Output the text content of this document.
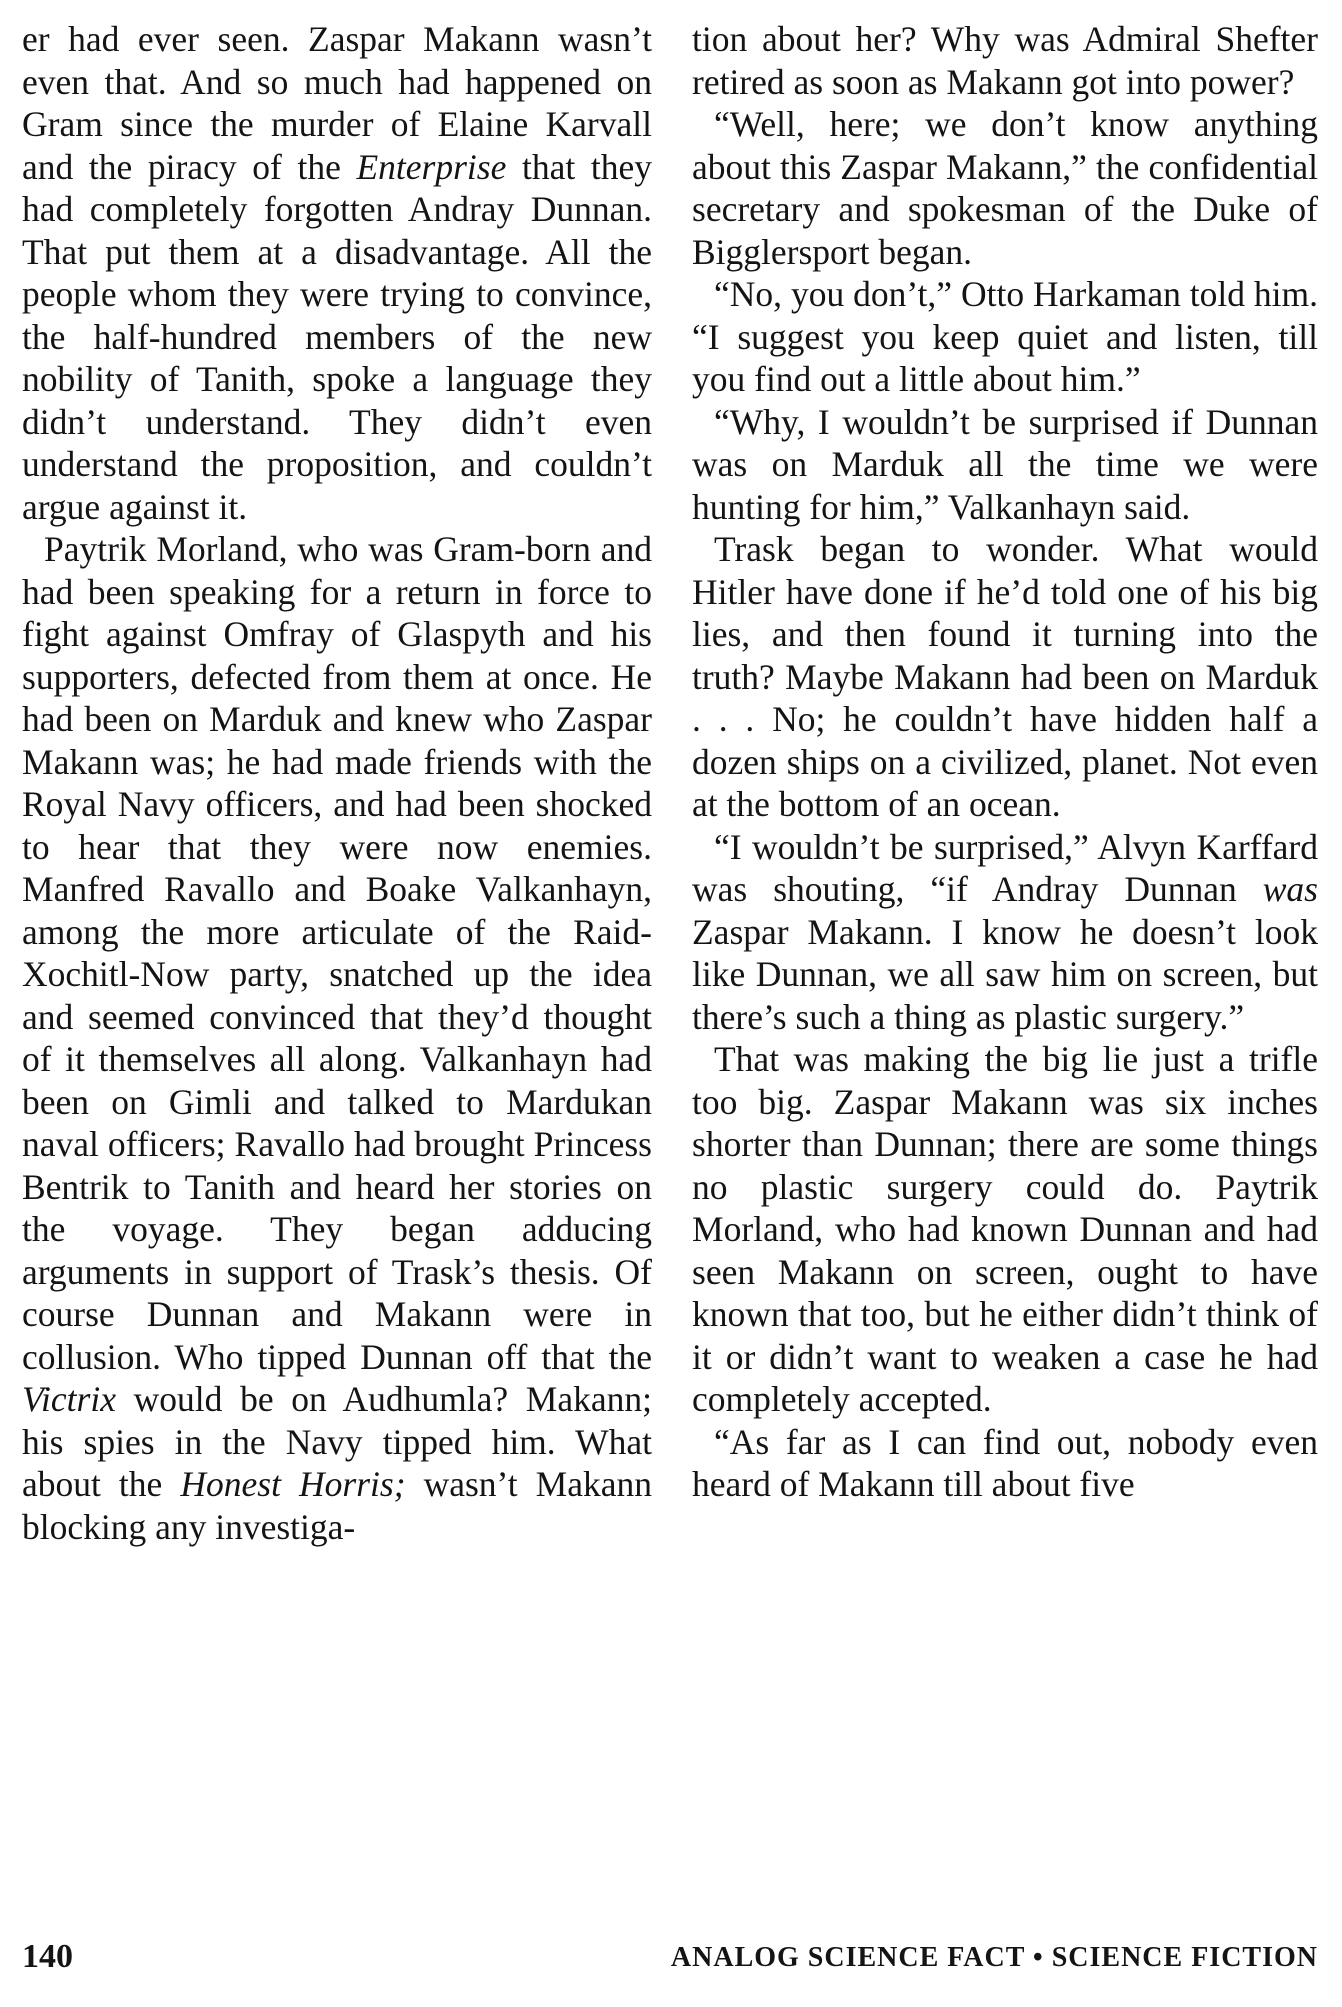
er had ever seen. Zaspar Makann wasn’t even that. And so much had happened on Gram since the murder of Elaine Karvall and the piracy of the Enterprise that they had completely forgotten Andray Dunnan. That put them at a disadvantage. All the people whom they were trying to convince, the half-hundred members of the new nobility of Tanith, spoke a language they didn’t understand. They didn’t even understand the proposition, and couldn’t argue against it.

Paytrik Morland, who was Gram-born and had been speaking for a return in force to fight against Omfray of Glaspyth and his supporters, defected from them at once. He had been on Marduk and knew who Zaspar Makann was; he had made friends with the Royal Navy officers, and had been shocked to hear that they were now enemies. Manfred Ravallo and Boake Valkanhayn, among the more articulate of the Raid-Xochitl-Now party, snatched up the idea and seemed convinced that they’d thought of it themselves all along. Valkanhayn had been on Gimli and talked to Mardukan naval officers; Ravallo had brought Princess Bentrik to Tanith and heard her stories on the voyage. They began adducing arguments in support of Trask’s thesis. Of course Dunnan and Makann were in collusion. Who tipped Dunnan off that the Victrix would be on Audhumla? Makann; his spies in the Navy tipped him. What about the Honest Horris; wasn’t Makann blocking any investiga-

tion about her? Why was Admiral Shefter retired as soon as Makann got into power?

“Well, here; we don’t know anything about this Zaspar Makann,” the confidential secretary and spokesman of the Duke of Bigglersport began.

“No, you don’t,” Otto Harkaman told him. “I suggest you keep quiet and listen, till you find out a little about him.”

“Why, I wouldn’t be surprised if Dunnan was on Marduk all the time we were hunting for him,” Valkanhayn said.

Trask began to wonder. What would Hitler have done if he’d told one of his big lies, and then found it turning into the truth? Maybe Makann had been on Marduk . . . No; he couldn’t have hidden half a dozen ships on a civilized, planet. Not even at the bottom of an ocean.

“I wouldn’t be surprised,” Alvyn Karffard was shouting, “if Andray Dunnan was Zaspar Makann. I know he doesn’t look like Dunnan, we all saw him on screen, but there’s such a thing as plastic surgery.”

That was making the big lie just a trifle too big. Zaspar Makann was six inches shorter than Dunnan; there are some things no plastic surgery could do. Paytrik Morland, who had known Dunnan and had seen Makann on screen, ought to have known that too, but he either didn’t think of it or didn’t want to weaken a case he had completely accepted.

“As far as I can find out, nobody even heard of Makann till about five

140	ANALOG SCIENCE FACT • SCIENCE FICTION
